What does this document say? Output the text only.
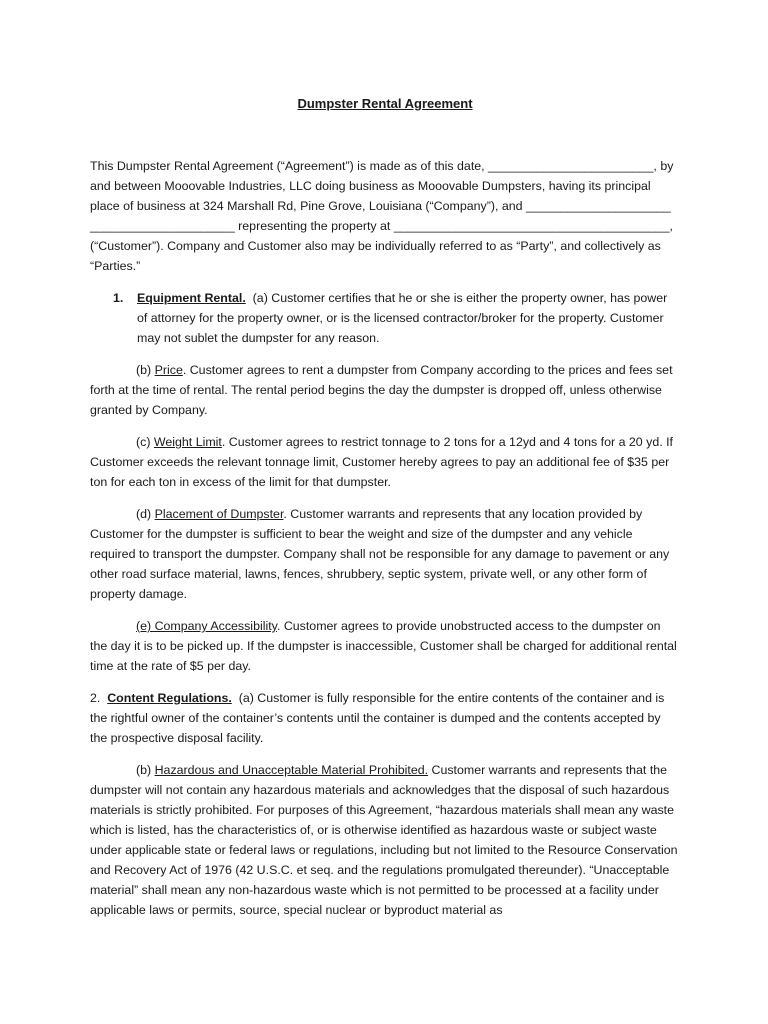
Dumpster Rental Agreement

This Dumpster Rental Agreement (“Agreement”) is made as of this date, ________________________, by and between Mooovable Industries, LLC doing business as Mooovable Dumpsters, having its principal place of business at 324 Marshall Rd, Pine Grove, Louisiana (“Company”), and _____________________ _____________________ representing the property at ________________________________________, (“Customer”). Company and Customer also may be individually referred to as “Party”, and collectively as “Parties.”

1. Equipment Rental. (a) Customer certifies that he or she is either the property owner, has power of attorney for the property owner, or is the licensed contractor/broker for the property. Customer may not sublet the dumpster for any reason.

(b) Price. Customer agrees to rent a dumpster from Company according to the prices and fees set forth at the time of rental. The rental period begins the day the dumpster is dropped off, unless otherwise granted by Company.

(c) Weight Limit. Customer agrees to restrict tonnage to 2 tons for a 12yd and 4 tons for a 20 yd. If Customer exceeds the relevant tonnage limit, Customer hereby agrees to pay an additional fee of $35 per ton for each ton in excess of the limit for that dumpster.

(d) Placement of Dumpster. Customer warrants and represents that any location provided by Customer for the dumpster is sufficient to bear the weight and size of the dumpster and any vehicle required to transport the dumpster. Company shall not be responsible for any damage to pavement or any other road surface material, lawns, fences, shrubbery, septic system, private well, or any other form of property damage.

(e) Company Accessibility. Customer agrees to provide unobstructed access to the dumpster on the day it is to be picked up. If the dumpster is inaccessible, Customer shall be charged for additional rental time at the rate of $5 per day.

2. Content Regulations. (a) Customer is fully responsible for the entire contents of the container and is the rightful owner of the container’s contents until the container is dumped and the contents accepted by the prospective disposal facility.

(b) Hazardous and Unacceptable Material Prohibited. Customer warrants and represents that the dumpster will not contain any hazardous materials and acknowledges that the disposal of such hazardous materials is strictly prohibited. For purposes of this Agreement, “hazardous materials shall mean any waste which is listed, has the characteristics of, or is otherwise identified as hazardous waste or subject waste under applicable state or federal laws or regulations, including but not limited to the Resource Conservation and Recovery Act of 1976 (42 U.S.C. et seq. and the regulations promulgated thereunder). “Unacceptable material” shall mean any non-hazardous waste which is not permitted to be processed at a facility under applicable laws or permits, source, special nuclear or byproduct material as
